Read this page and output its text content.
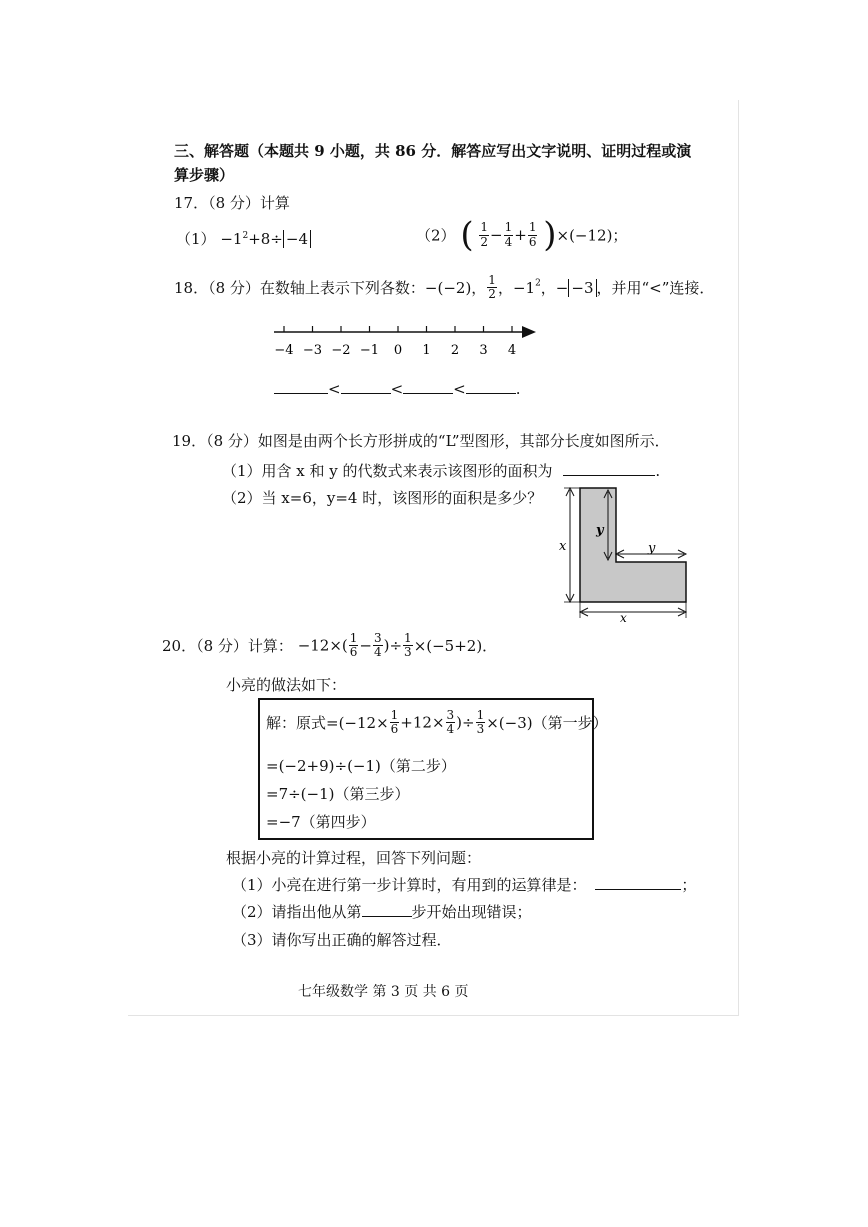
三、解答题（本题共 9 小题，共 86 分．解答应写出文字说明、证明过程或演
算步骤）
17．（8 分）计算
$(1) -1^2+8\div -4$	（2） ( $\frac{1}{2} - \frac{1}{4} + \frac{1}{6} )\times(-12)$；
18．（8 分）在数轴上表示下列各数：−(−2)， $\frac{1}{2}$ ，$-1^2$，− −3 ，并用“<”连接．
−4 −3 −2 −1 0 1 2 3 4
<	<	<	.
19．（8 分）如图是由两个长方形拼成的“L”型图形，其部分长度如图所示．
（1）用含 x 和 y 的代数式来表示该图形的面积为	.
（2）当 x=6，y=4 时，该图形的面积是多少？
x
y
y
x
20．（8 分）计算： $-12\times( \frac{1}{6} - \frac{3}{4}$ )÷ $\frac{1}{3} \times(-5+2)$．
小亮的做法如下：
解：原式$=(-12\times \frac{1}{6} +12\times \frac{3}{4}$ )÷ $\frac{1}{3} \times(-3)$（第一步）
=(−2+9)÷(−1)（第二步）
=7÷(−1)（第三步）
=−7（第四步）
根据小亮的计算过程，回答下列问题：
（1）小亮在进行第一步计算时，有用到的运算律是：	；
（2）请指出他从第	步开始出现错误；
（3）请你写出正确的解答过程．
七年级数学 第 3 页 共 6 页
